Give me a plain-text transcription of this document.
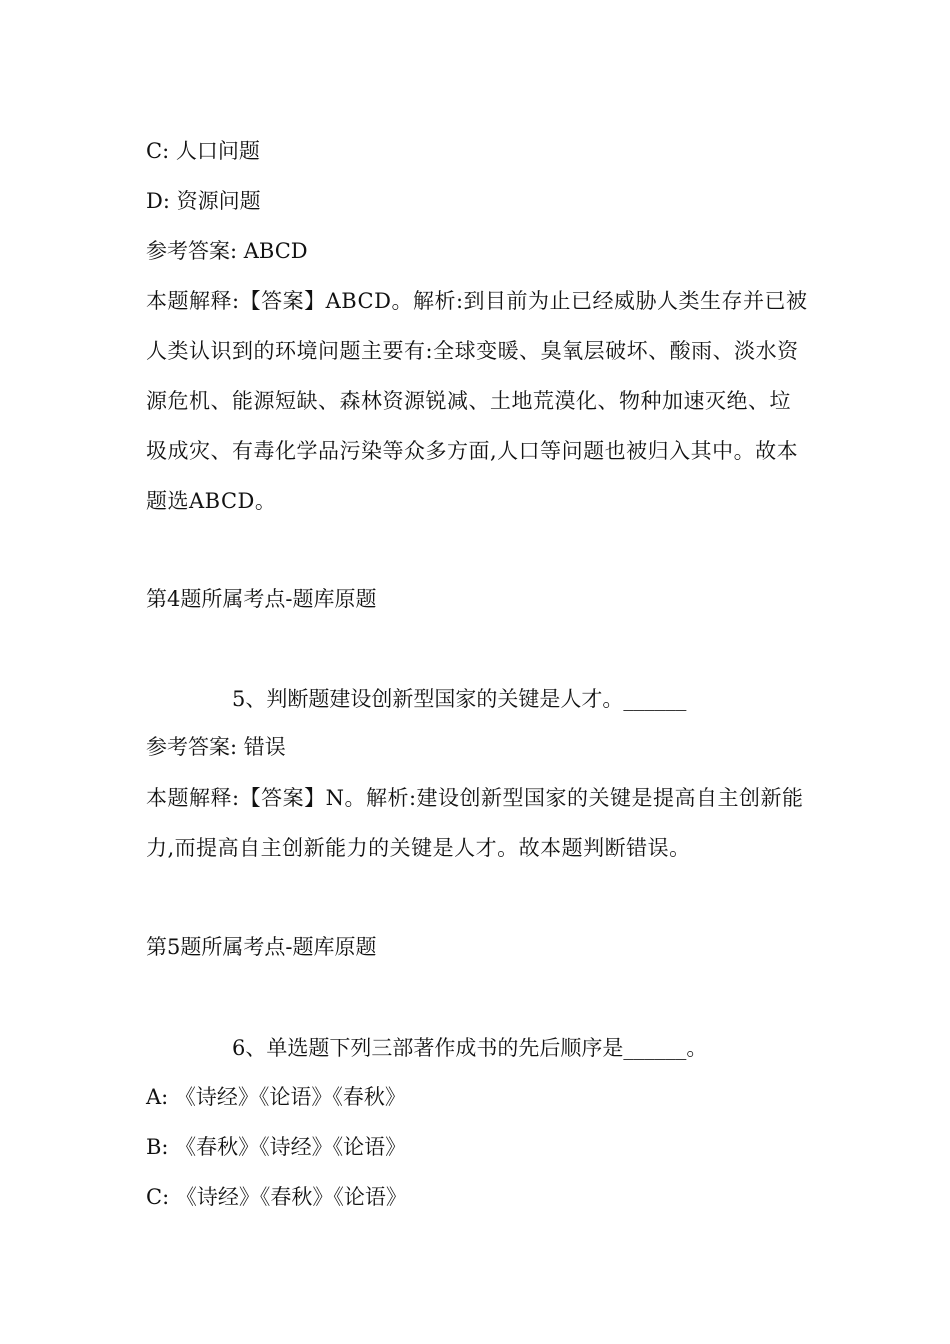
C: 人口问题
D: 资源问题
参考答案: ABCD
本题解释:【答案】ABCD。解析:到目前为止已经威胁人类生存并已被人类认识到的环境问题主要有:全球变暖、臭氧层破坏、酸雨、淡水资源危机、能源短缺、森林资源锐减、土地荒漠化、物种加速灭绝、垃圾成灾、有毒化学品污染等众多方面,人口等问题也被归入其中。故本题选ABCD。
第4题所属考点-题库原题
5、判断题建设创新型国家的关键是人才。______
参考答案: 错误
本题解释:【答案】N。解析:建设创新型国家的关键是提高自主创新能力,而提高自主创新能力的关键是人才。故本题判断错误。
第5题所属考点-题库原题
6、单选题下列三部著作成书的先后顺序是______。
A: 《诗经》《论语》《春秋》
B: 《春秋》《诗经》《论语》
C: 《诗经》《春秋》《论语》
